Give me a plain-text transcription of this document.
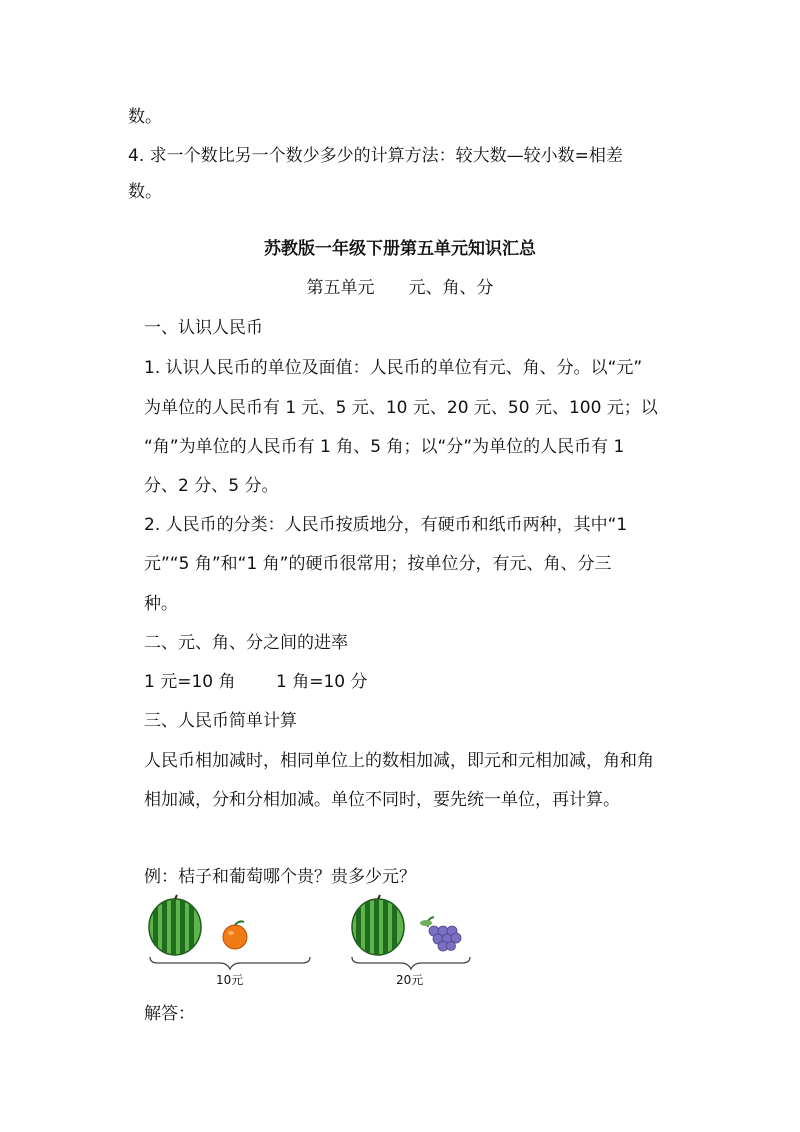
数。
4. 求一个数比另一个数少多少的计算方法：较大数—较小数=相差
数。
苏教版一年级下册第五单元知识汇总
第五单元　　元、角、分
一、认识人民币
1. 认识人民币的单位及面值：人民币的单位有元、角、分。以“元”
为单位的人民币有 1 元、5 元、10 元、20 元、50 元、100 元；以
“角”为单位的人民币有 1 角、5 角；以“分”为单位的人民币有 1
分、2 分、5 分。
2. 人民币的分类：人民币按质地分，有硬币和纸币两种，其中“1
元”“5 角”和“1 角”的硬币很常用；按单位分，有元、角、分三
种。
二、元、角、分之间的进率
1 元=10 角 1 角=10 分
三、人民币简单计算
人民币相加减时，相同单位上的数相加减，即元和元相加减，角和角
相加减，分和分相加减。单位不同时，要先统一单位，再计算。
例：桔子和葡萄哪个贵？贵多少元？
10元	20元
解答：
